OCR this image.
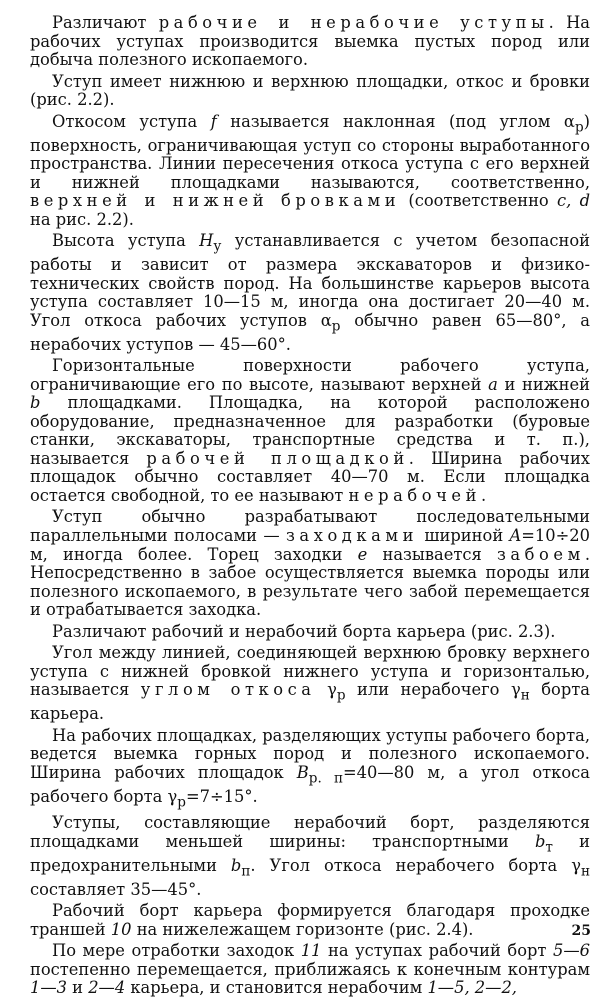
Различают рабочие и нерабочие уступы. На рабочих уступах производится выемка пустых пород или добыча полезного ископаемого.

Уступ имеет нижнюю и верхнюю площадки, откос и бровки (рис. 2.2).

Откосом уступа f называется наклонная (под углом $\alpha_р$) поверхность, ограничивающая уступ со стороны выработанного пространства. Линии пересечения откоса уступа с его верхней и нижней площадками называются, соответственно, верхней и нижней бровками (соответственно c, d на рис. 2.2).

Высота уступа $H_у$ устанавливается с учетом безопасной работы и зависит от размера экскаваторов и физико-технических свойств пород. На большинстве карьеров высота уступа составляет 10—15 м, иногда она достигает 20—40 м. Угол откоса рабочих уступов $\alpha_р$ обычно равен 65—80°, а нерабочих уступов — 45—60°.

Горизонтальные поверхности рабочего уступа, ограничивающие его по высоте, называют верхней a и нижней b площадками. Площадка, на которой расположено оборудование, предназначенное для разработки (буровые станки, экскаваторы, транспортные средства и т. п.), называется рабочей площадкой. Ширина рабочих площадок обычно составляет 40—70 м. Если площадка остается свободной, то ее называют нерабочей.

Уступ обычно разрабатывают последовательными параллельными полосами — заходками шириной A=10÷20 м, иногда более. Торец заходки e называется забоем. Непосредственно в забое осуществляется выемка породы или полезного ископаемого, в результате чего забой перемещается и отрабатывается заходка.

Различают рабочий и нерабочий борта карьера (рис. 2.3).

Угол между линией, соединяющей верхнюю бровку верхнего уступа с нижней бровкой нижнего уступа и горизонталью, называется углом откоса $\gamma_р$ или нерабочего $\gamma_н$ борта карьера.

На рабочих площадках, разделяющих уступы рабочего борта, ведется выемка горных пород и полезного ископаемого. Ширина рабочих площадок $B_{р. п}=40—80$ м, а угол откоса рабочего борта $\gamma_р=7\div 15^\circ$.

Уступы, составляющие нерабочий борт, разделяются площадками меньшей ширины: транспортными $b_т$ и предохранительными $b_п$. Угол откоса нерабочего борта $\gamma_н$ составляет 35—45°.

Рабочий борт карьера формируется благодаря проходке траншей 10 на нижележащем горизонте (рис. 2.4).

По мере отработки заходок 11 на уступах рабочий борт 5—6 постепенно перемещается, приближаясь к конечным контурам 1—3 и 2—4 карьера, и становится нерабочим 1—5, 2—2,

25
